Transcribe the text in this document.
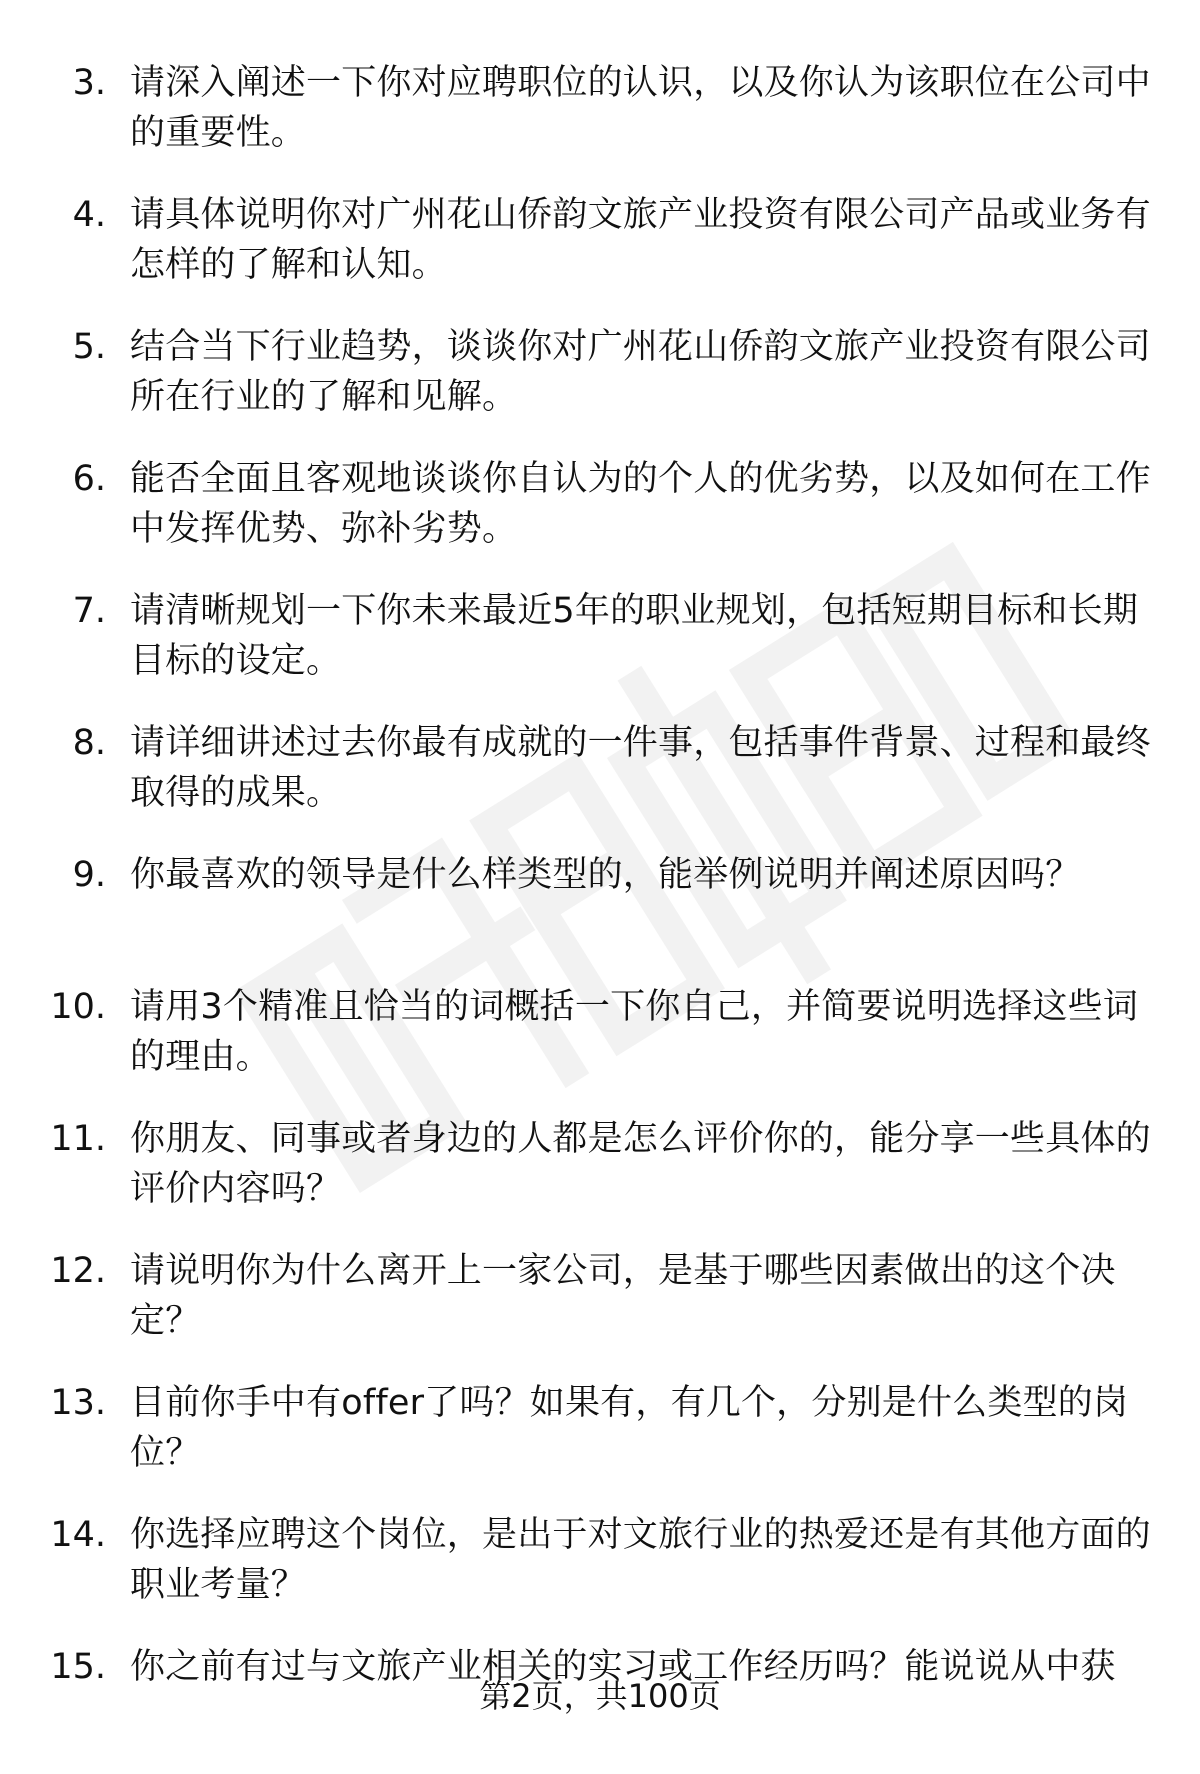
3. 请深入阐述一下你对应聘职位的认识，以及你认为该职位在公司中的重要性。
4. 请具体说明你对广州花山侨韵文旅产业投资有限公司产品或业务有怎样的了解和认知。
5. 结合当下行业趋势，谈谈你对广州花山侨韵文旅产业投资有限公司所在行业的了解和见解。
6. 能否全面且客观地谈谈你自认为的个人的优劣势，以及如何在工作中发挥优势、弥补劣势。
7. 请清晰规划一下你未来最近5年的职业规划，包括短期目标和长期目标的设定。
8. 请详细讲述过去你最有成就的一件事，包括事件背景、过程和最终取得的成果。
9. 你最喜欢的领导是什么样类型的，能举例说明并阐述原因吗？
10. 请用3个精准且恰当的词概括一下你自己，并简要说明选择这些词的理由。
11. 你朋友、同事或者身边的人都是怎么评价你的，能分享一些具体的评价内容吗？
12. 请说明你为什么离开上一家公司，是基于哪些因素做出的这个决定？
13. 目前你手中有offer了吗？如果有，有几个，分别是什么类型的岗位？
14. 你选择应聘这个岗位，是出于对文旅行业的热爱还是有其他方面的职业考量？
15. 你之前有过与文旅产业相关的实习或工作经历吗？能说说从中获
第2页，共100页
